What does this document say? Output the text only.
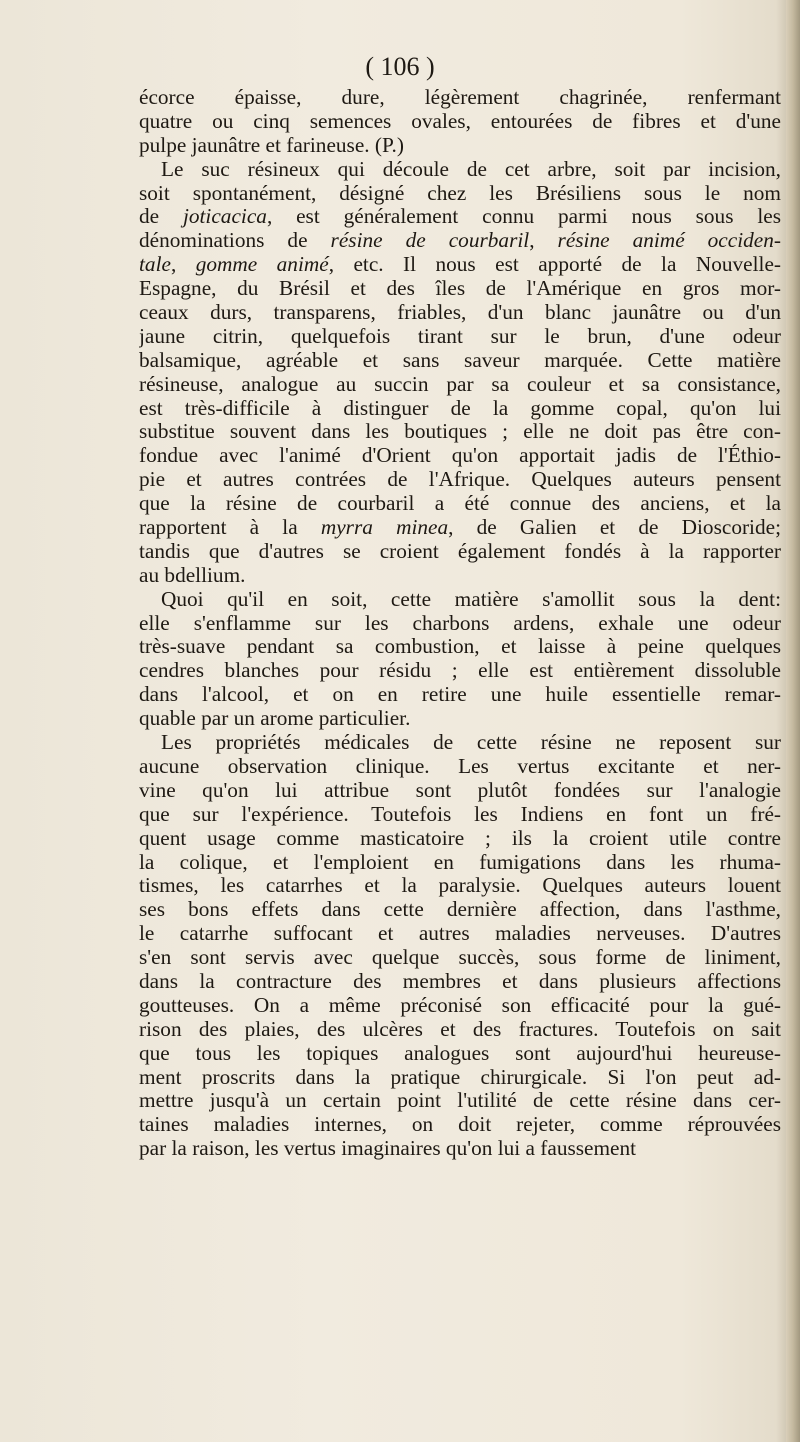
( 106 )
écorce épaisse, dure, légèrement chagrinée, renfermant
quatre ou cinq semences ovales, entourées de fibres et d'une
pulpe jaunâtre et farineuse. (P.)
Le suc résineux qui découle de cet arbre, soit par incision,
soit spontanément, désigné chez les Brésiliens sous le nom
de joticacica, est généralement connu parmi nous sous les
dénominations de résine de courbaril, résine animé occiden-
tale, gomme animé, etc. Il nous est apporté de la Nouvelle-
Espagne, du Brésil et des îles de l'Amérique en gros mor-
ceaux durs, transparens, friables, d'un blanc jaunâtre ou d'un
jaune citrin, quelquefois tirant sur le brun, d'une odeur
balsamique, agréable et sans saveur marquée. Cette matière
résineuse, analogue au succin par sa couleur et sa consistance,
est très-difficile à distinguer de la gomme copal, qu'on lui
substitue souvent dans les boutiques ; elle ne doit pas être con-
fondue avec l'animé d'Orient qu'on apportait jadis de l'Éthio-
pie et autres contrées de l'Afrique. Quelques auteurs pensent
que la résine de courbaril a été connue des anciens, et la
rapportent à la myrra minea, de Galien et de Dioscoride;
tandis que d'autres se croient également fondés à la rapporter
au bdellium.
Quoi qu'il en soit, cette matière s'amollit sous la dent:
elle s'enflamme sur les charbons ardens, exhale une odeur
très-suave pendant sa combustion, et laisse à peine quelques
cendres blanches pour résidu ; elle est entièrement dissoluble
dans l'alcool, et on en retire une huile essentielle remar-
quable par un arome particulier.
Les propriétés médicales de cette résine ne reposent sur
aucune observation clinique. Les vertus excitante et ner-
vine qu'on lui attribue sont plutôt fondées sur l'analogie
que sur l'expérience. Toutefois les Indiens en font un fré-
quent usage comme masticatoire ; ils la croient utile contre
la colique, et l'emploient en fumigations dans les rhuma-
tismes, les catarrhes et la paralysie. Quelques auteurs louent
ses bons effets dans cette dernière affection, dans l'asthme,
le catarrhe suffocant et autres maladies nerveuses. D'autres
s'en sont servis avec quelque succès, sous forme de liniment,
dans la contracture des membres et dans plusieurs affections
goutteuses. On a même préconisé son efficacité pour la gué-
rison des plaies, des ulcères et des fractures. Toutefois on sait
que tous les topiques analogues sont aujourd'hui heureuse-
ment proscrits dans la pratique chirurgicale. Si l'on peut ad-
mettre jusqu'à un certain point l'utilité de cette résine dans cer-
taines maladies internes, on doit rejeter, comme réprouvées
par la raison, les vertus imaginaires qu'on lui a faussement
